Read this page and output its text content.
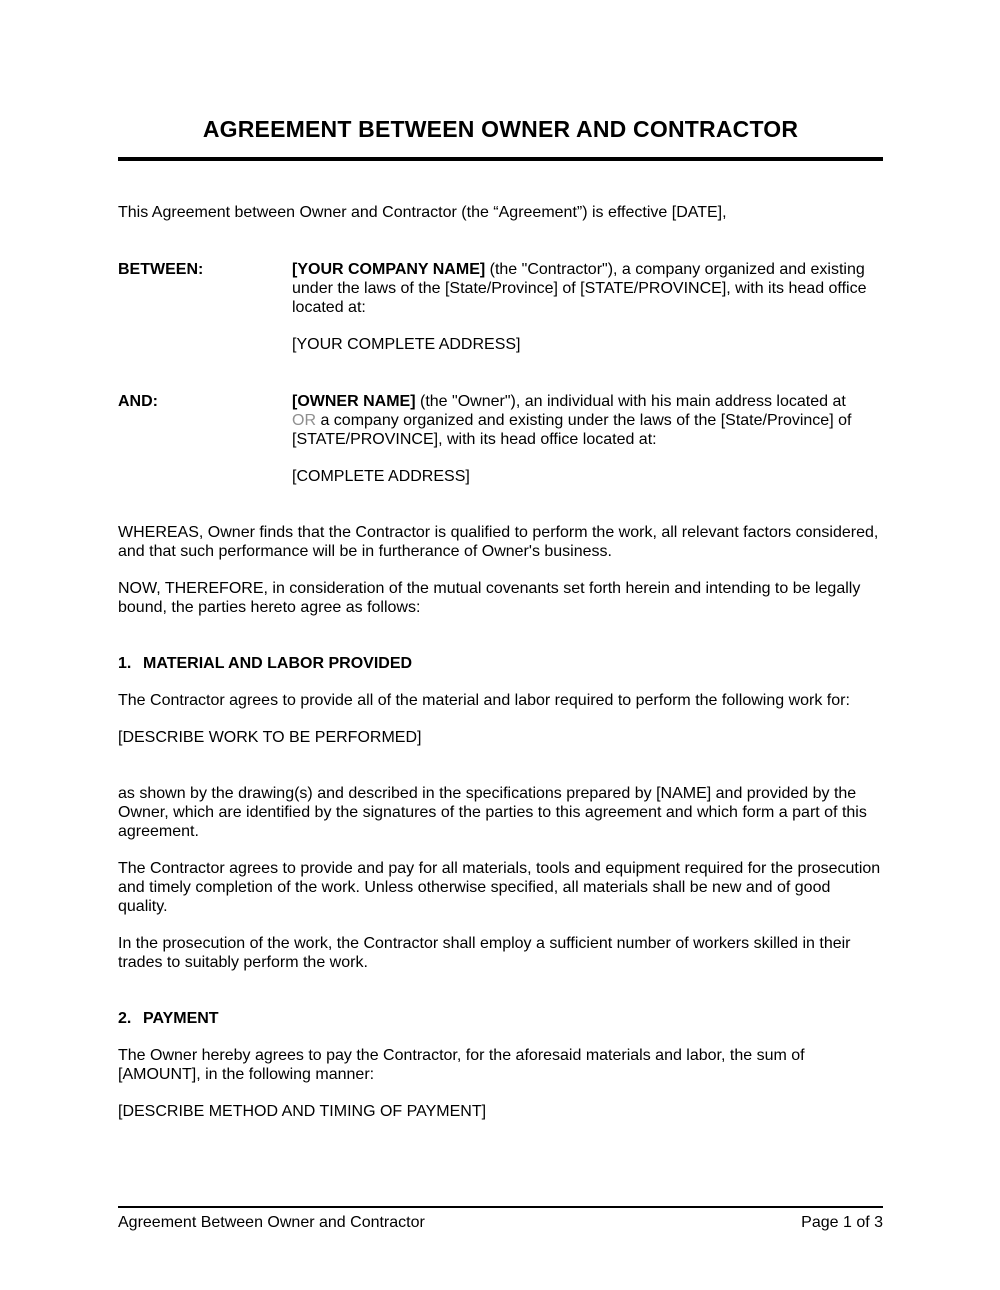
AGREEMENT BETWEEN OWNER AND CONTRACTOR

This Agreement between Owner and Contractor (the “Agreement”) is effective [DATE],

BETWEEN:	[YOUR COMPANY NAME] (the "Contractor"), a company organized and existing under the laws of the [State/Province] of [STATE/PROVINCE], with its head office located at:

[YOUR COMPLETE ADDRESS]

AND:	[OWNER NAME] (the "Owner"), an individual with his main address located at
OR a company organized and existing under the laws of the [State/Province] of [STATE/PROVINCE], with its head office located at:

[COMPLETE ADDRESS]

WHEREAS, Owner finds that the Contractor is qualified to perform the work, all relevant factors considered, and that such performance will be in furtherance of Owner's business.

NOW, THEREFORE, in consideration of the mutual covenants set forth herein and intending to be legally bound, the parties hereto agree as follows:

1. MATERIAL AND LABOR PROVIDED

The Contractor agrees to provide all of the material and labor required to perform the following work for:

[DESCRIBE WORK TO BE PERFORMED]

as shown by the drawing(s) and described in the specifications prepared by [NAME] and provided by the Owner, which are identified by the signatures of the parties to this agreement and which form a part of this agreement.

The Contractor agrees to provide and pay for all materials, tools and equipment required for the prosecution and timely completion of the work. Unless otherwise specified, all materials shall be new and of good quality.

In the prosecution of the work, the Contractor shall employ a sufficient number of workers skilled in their trades to suitably perform the work.

2. PAYMENT

The Owner hereby agrees to pay the Contractor, for the aforesaid materials and labor, the sum of [AMOUNT], in the following manner:

[DESCRIBE METHOD AND TIMING OF PAYMENT]

Agreement Between Owner and Contractor	Page 1 of 3
